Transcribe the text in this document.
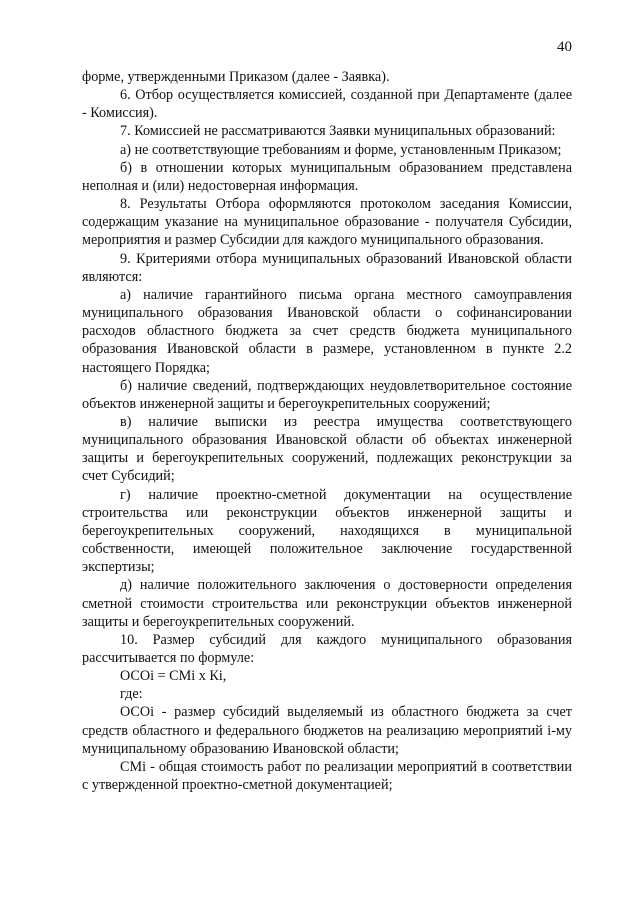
40

форме, утвержденными Приказом (далее - Заявка).

6. Отбор осуществляется комиссией, созданной при Департаменте (далее - Комиссия).

7. Комиссией не рассматриваются Заявки муниципальных образований:

а) не соответствующие требованиям и форме, установленным Приказом;

б) в отношении которых муниципальным образованием представлена неполная и (или) недостоверная информация.

8. Результаты Отбора оформляются протоколом заседания Комиссии, содержащим указание на муниципальное образование - получателя Субсидии, мероприятия и размер Субсидии для каждого муниципального образования.

9. Критериями отбора муниципальных образований Ивановской области являются:

а) наличие гарантийного письма органа местного самоуправления муниципального образования Ивановской области о софинансировании расходов областного бюджета за счет средств бюджета муниципального образования Ивановской области в размере, установленном в пункте 2.2 настоящего Порядка;

б) наличие сведений, подтверждающих неудовлетворительное состояние объектов инженерной защиты и берегоукрепительных сооружений;

в) наличие выписки из реестра имущества соответствующего муниципального образования Ивановской области об объектах инженерной защиты и берегоукрепительных сооружений, подлежащих реконструкции за счет Субсидий;

г) наличие проектно-сметной документации на осуществление строительства или реконструкции объектов инженерной защиты и берегоукрепительных сооружений, находящихся в муниципальной собственности, имеющей положительное заключение государственной экспертизы;

д) наличие положительного заключения о достоверности определения сметной стоимости строительства или реконструкции объектов инженерной защиты и берегоукрепительных сооружений.

10. Размер субсидий для каждого муниципального образования рассчитывается по формуле:

ОСОi = СМi x Кi,

где:

ОСОi - размер субсидий выделяемый из областного бюджета за счет средств областного и федерального бюджетов на реализацию мероприятий i-му муниципальному образованию Ивановской области;

СМi - общая стоимость работ по реализации мероприятий в соответствии с утвержденной проектно-сметной документацией;
